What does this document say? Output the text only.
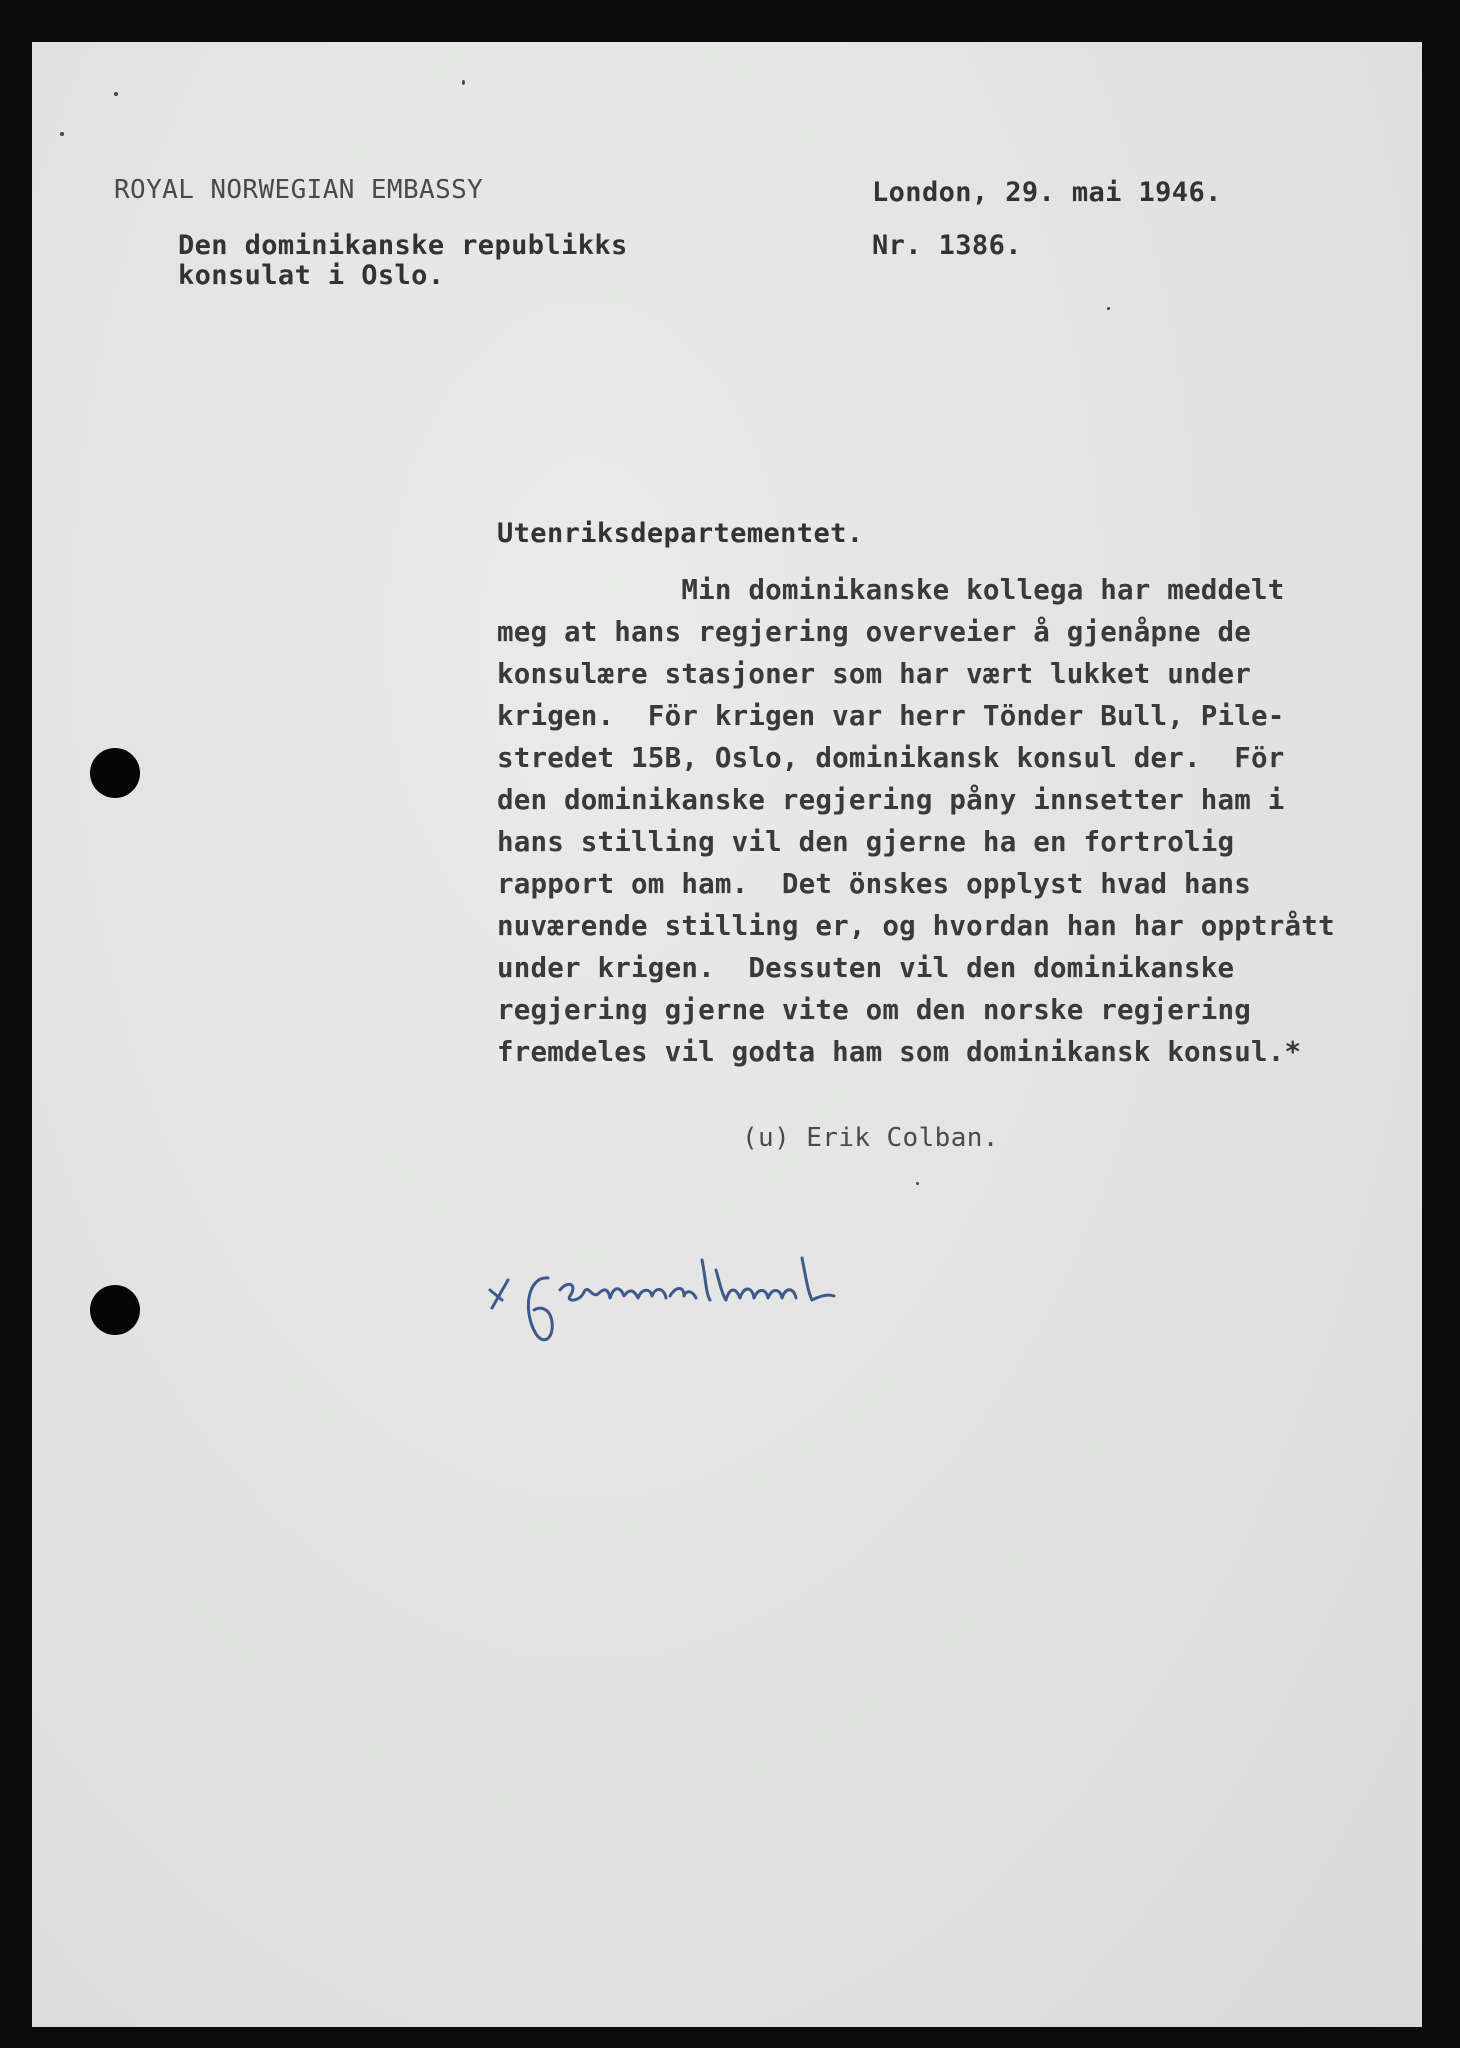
ROYAL NORWEGIAN EMBASSY	London, 29. mai 1946.
Den dominikanske republikks
konsulat i Oslo.
Nr. 1386.
Utenriksdepartementet.
Min dominikanske kollega har meddelt
meg at hans regjering overveier å gjenåpne de
konsulære stasjoner som har vært lukket under
krigen.  För krigen var herr Tönder Bull, Pile-
stredet 15B, Oslo, dominikansk konsul der.  För
den dominikanske regjering påny innsetter ham i
hans stilling vil den gjerne ha en fortrolig
rapport om ham.  Det önskes opplyst hvad hans
nuværende stilling er, og hvordan han har opptrått
under krigen.  Dessuten vil den dominikanske
regjering gjerne vite om den norske regjering
fremdeles vil godta ham som dominikansk konsul.*
(u) Erik Colban.
